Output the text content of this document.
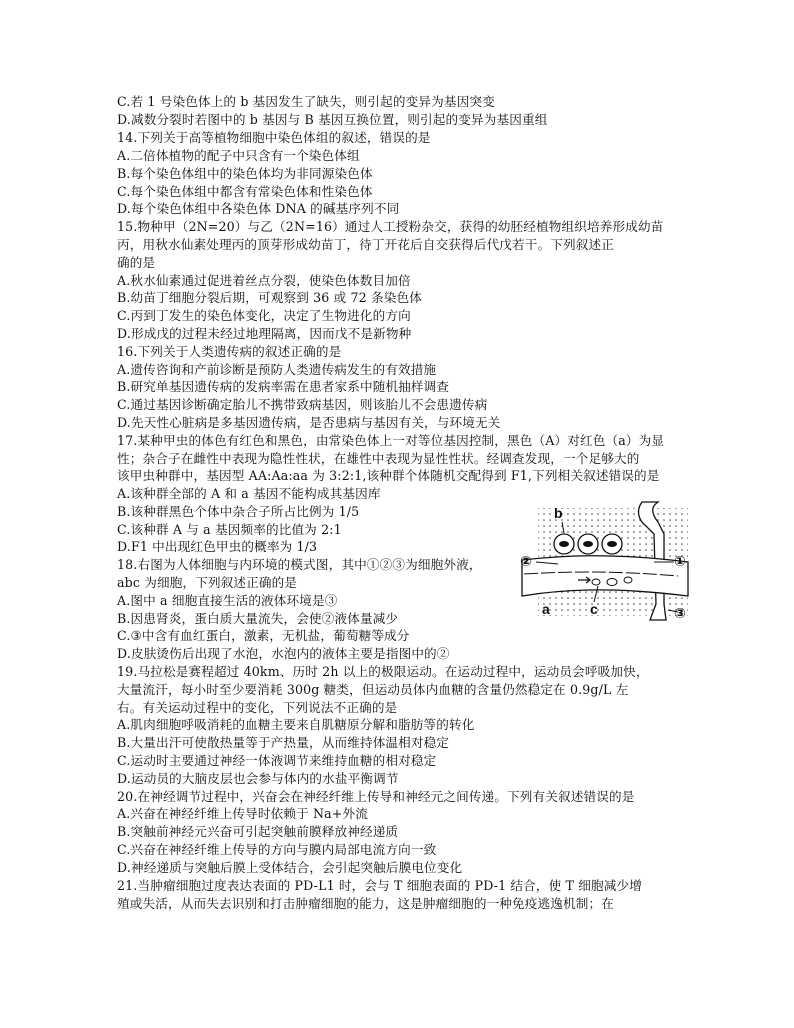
C.若 1 号染色体上的 b 基因发生了缺失，则引起的变异为基因突变
D.减数分裂时若图中的 b 基因与 B 基因互换位置，则引起的变异为基因重组
14.下列关于高等植物细胞中染色体组的叙述，错误的是
A.二倍体植物的配子中只含有一个染色体组
B.每个染色体组中的染色体均为非同源染色体
C.每个染色体组中都含有常染色体和性染色体
D.每个染色体组中各染色体 DNA 的碱基序列不同
15.物种甲（2N=20）与乙（2N=16）通过人工授粉杂交，获得的幼胚经植物组织培养形成幼苗
丙，用秋水仙素处理丙的顶芽形成幼苗丁，待丁开花后自交获得后代戊若干。下列叙述正
确的是
A.秋水仙素通过促进着丝点分裂，使染色体数目加倍
B.幼苗丁细胞分裂后期，可观察到 36 或 72 条染色体
C.丙到丁发生的染色体变化，决定了生物进化的方向
D.形成戊的过程未经过地理隔离，因而戊不是新物种
16.下列关于人类遗传病的叙述正确的是
A.遗传咨询和产前诊断是预防人类遗传病发生的有效措施
B.研究单基因遗传病的发病率需在患者家系中随机抽样调查
C.通过基因诊断确定胎儿不携带致病基因，则该胎儿不会患遗传病
D.先天性心脏病是多基因遗传病，是否患病与基因有关，与环境无关
17.某种甲虫的体色有红色和黑色，由常染色体上一对等位基因控制，黑色（A）对红色（a）为显
性；杂合子在雌性中表现为隐性性状，在雄性中表现为显性性状。经调查发现，一个足够大的
该甲虫种群中，基因型 AA:Aa:aa 为 3:2:1,该种群个体随机交配得到 F1,下列相关叙述错误的是
A.该种群全部的 A 和 a 基因不能构成其基因库
B.该种群黑色个体中杂合子所占比例为 1/5
C.该种群 A 与 a 基因频率的比值为 2:1
D.F1 中出现红色甲虫的概率为 1/3
18.右图为人体细胞与内环境的模式图，其中①②③为细胞外液，
abc 为细胞，下列叙述正确的是
A.图中 a 细胞直接生活的液体环境是③
B.因患肾炎，蛋白质大量流失，会使②液体量减少
C.③中含有血红蛋白，激素，无机盐，葡萄糖等成分
D.皮肤烫伤后出现了水泡，水泡内的液体主要是指图中的②
19.马拉松是赛程超过 40km、历时 2h 以上的极限运动。在运动过程中，运动员会呼吸加快，
大量流汗，每小时至少要消耗 300g 糖类，但运动员体内血糖的含量仍然稳定在 0.9g/L 左
右。有关运动过程中的变化，下列说法不正确的是
A.肌肉细胞呼吸消耗的血糖主要来自肌糖原分解和脂肪等的转化
B.大量出汗可使散热量等于产热量，从而维持体温相对稳定
C.运动时主要通过神经一体液调节来维持血糖的相对稳定
D.运动员的大脑皮层也会参与体内的水盐平衡调节
20.在神经调节过程中，兴奋会在神经纤维上传导和神经元之间传递。下列有关叙述错误的是
A.兴奋在神经纤维上传导时依赖于 Na+外流
B.突触前神经元兴奋可引起突触前膜释放神经递质
C.兴奋在神经纤维上传导的方向与膜内局部电流方向一致
D.神经递质与突触后膜上受体结合，会引起突触后膜电位变化
21.当肿瘤细胞过度表达表面的 PD-L1 时，会与 T 细胞表面的 PD-1 结合，使 T 细胞减少增
殖或失活，从而失去识别和打击肿瘤细胞的能力，这是肿瘤细胞的一种免疫逃逸机制；在
b
②	①
a	c	③
